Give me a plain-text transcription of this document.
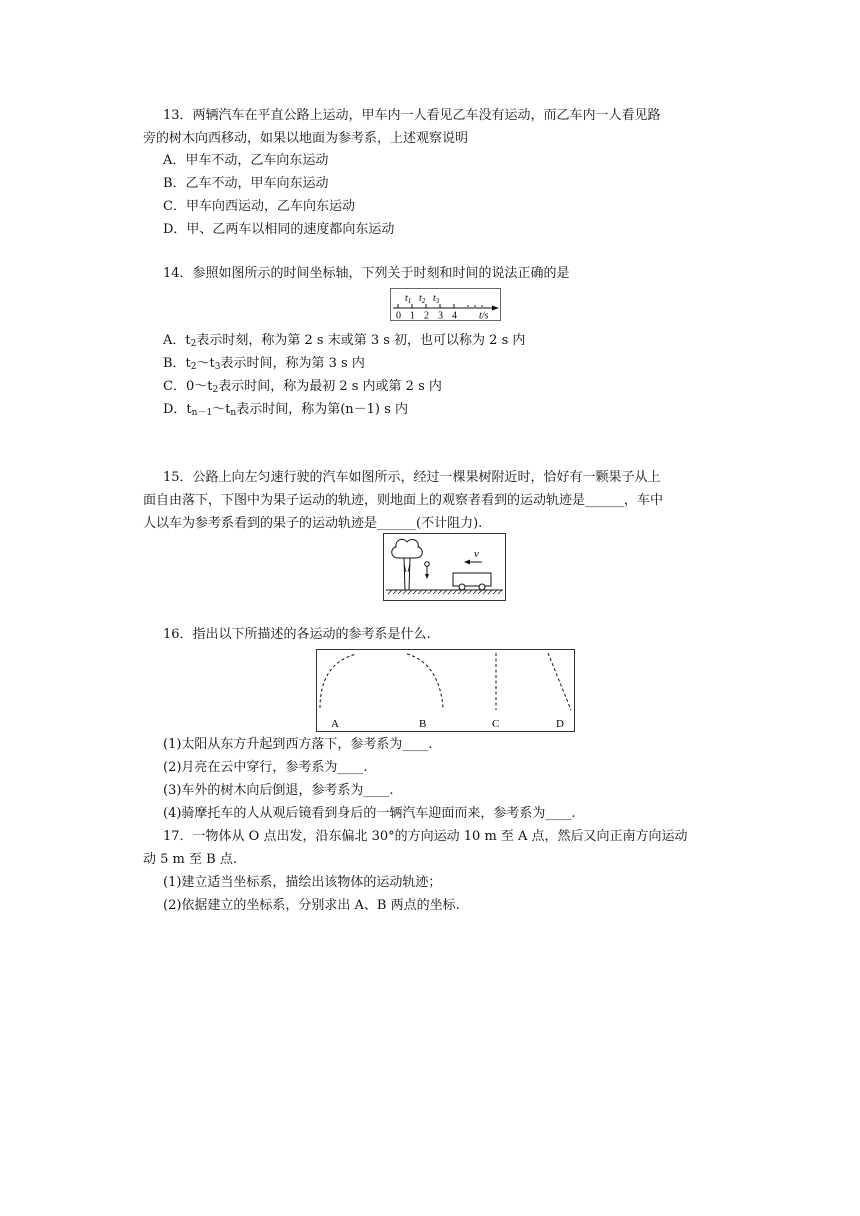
13．两辆汽车在平直公路上运动，甲车内一人看见乙车没有运动，而乙车内一人看见路
旁的树木向西移动，如果以地面为参考系，上述观察说明
A．甲车不动，乙车向东运动
B．乙车不动，甲车向东运动
C．甲车向西运动，乙车向东运动
D．甲、乙两车以相同的速度都向东运动
14．参照如图所示的时间坐标轴，下列关于时刻和时间的说法正确的是
0 1 2 3 4
$t_1$ $t_2$ $t_3$
t/s
A．$t_2$表示时刻，称为第 2 s 末或第 3 s 初，也可以称为 2 s 内
B．$t_2\sim t_3$表示时间，称为第 3 s 内
C．$0\sim t_2$表示时间，称为最初 2 s 内或第 2 s 内
D．$t_{n-1}\sim t_n$表示时间，称为第(n－1) s 内
15．公路上向左匀速行驶的汽车如图所示，经过一棵果树附近时，恰好有一颗果子从上
面自由落下，下图中为果子运动的轨迹，则地面上的观察者看到的运动轨迹是______，车中
人以车为参考系看到的果子的运动轨迹是______(不计阻力).
v
16．指出以下所描述的各运动的参考系是什么.
A	B	C	D
(1)太阳从东方升起到西方落下，参考系为____.
(2)月亮在云中穿行，参考系为____.
(3)车外的树木向后倒退，参考系为____.
(4)骑摩托车的人从观后镜看到身后的一辆汽车迎面而来，参考系为____.
17．一物体从 O 点出发，沿东偏北 30°的方向运动 10 m 至 A 点，然后又向正南方向运动
动 5 m 至 B 点.
(1)建立适当坐标系，描绘出该物体的运动轨迹；
(2)依据建立的坐标系，分别求出 A、B 两点的坐标.
